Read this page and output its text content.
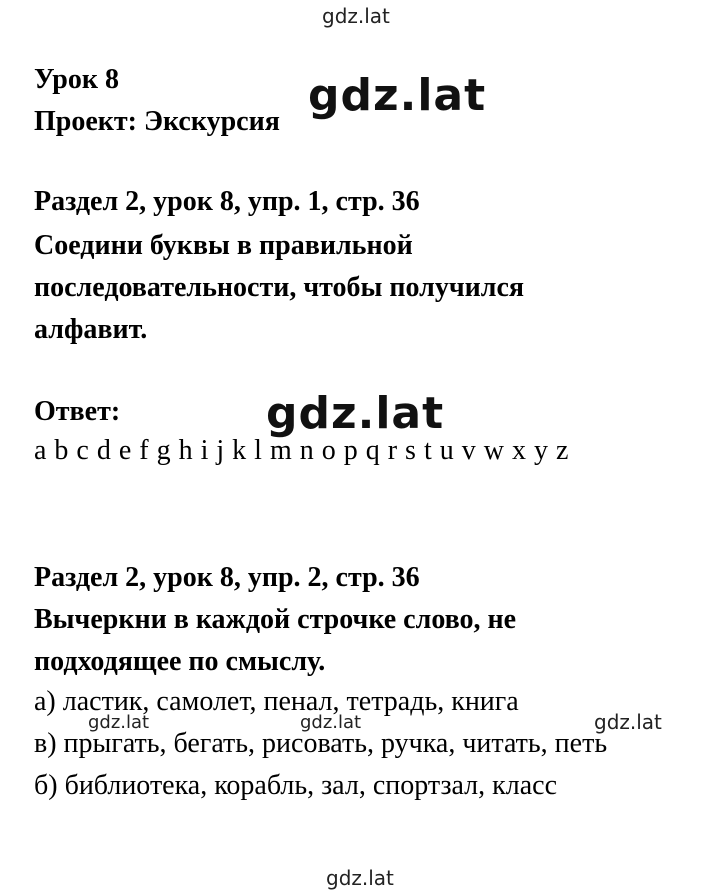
gdz.lat
gdz.lat
gdz.lat
gdz.lat	gdz.lat	gdz.lat
gdz.lat
Урок 8
Проект: Экскурсия
Раздел 2, урок 8, упр. 1, стр. 36
Соедини буквы в правильной
последовательности, чтобы получился
алфавит.
Ответ:
a b c d e f g h i j k l m n o p q r s t u v w x y z
Раздел 2, урок 8, упр. 2, стр. 36
Вычеркни в каждой строчке слово, не
подходящее по смыслу.
а) ластик, самолет, пенал, тетрадь, книга
в) прыгать, бегать, рисовать, ручка, читать, петь
б) библиотека, корабль, зал, спортзал, класс
